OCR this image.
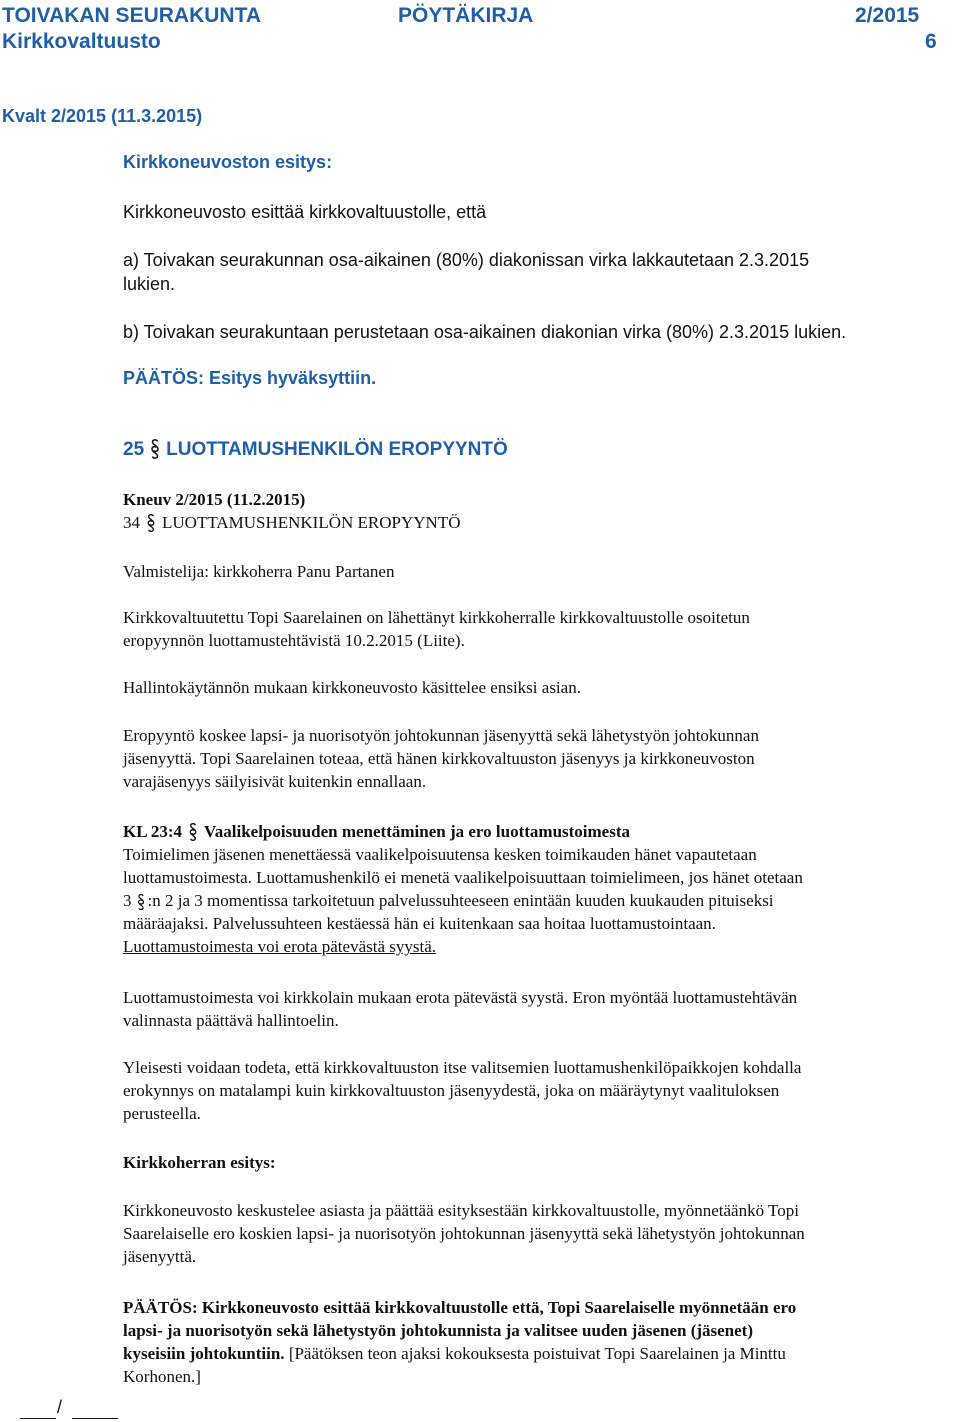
TOIVAKAN SEURAKUNTA	PÖYTÄKIRJA	2/2015
Kirkkovaltuusto	6
Kvalt 2/2015 (11.3.2015)
Kirkkoneuvoston esitys:
Kirkkoneuvosto esittää kirkkovaltuustolle, että
a) Toivakan seurakunnan osa-aikainen (80%) diakonissan virka lakkautetaan 2.3.2015
lukien.
b) Toivakan seurakuntaan perustetaan osa-aikainen diakonian virka (80%) 2.3.2015 lukien.
PÄÄTÖS: Esitys hyväksyttiin.
25 LUOTTAMUSHENKILÖN EROPYYNTÖ
Kneuv 2/2015 (11.2.2015)
34 LUOTTAMUSHENKILÖN EROPYYNTÖ
Valmistelija: kirkkoherra Panu Partanen
Kirkkovaltuutettu Topi Saarelainen on lähettänyt kirkkoherralle kirkkovaltuustolle osoitetun
eropyynnön luottamustehtävistä 10.2.2015 (Liite).
Hallintokäytännön mukaan kirkkoneuvosto käsittelee ensiksi asian.
Eropyyntö koskee lapsi- ja nuorisotyön johtokunnan jäsenyyttä sekä lähetystyön johtokunnan
jäsenyyttä. Topi Saarelainen toteaa, että hänen kirkkovaltuuston jäsenyys ja kirkkoneuvoston
varajäsenyys säilyisivät kuitenkin ennallaan.
KL 23:4 Vaalikelpoisuuden menettäminen ja ero luottamustoimesta
Toimielimen jäsenen menettäessä vaalikelpoisuutensa kesken toimikauden hänet vapautetaan
luottamustoimesta. Luottamushenkilö ei menetä vaalikelpoisuuttaan toimielimeen, jos hänet otetaan
3 :n 2 ja 3 momentissa tarkoitetuun palvelussuhteeseen enintään kuuden kuukauden pituiseksi
määräajaksi. Palvelussuhteen kestäessä hän ei kuitenkaan saa hoitaa luottamustointaan.
Luottamustoimesta voi erota pätevästä syystä.
Luottamustoimesta voi kirkkolain mukaan erota pätevästä syystä. Eron myöntää luottamustehtävän
valinnasta päättävä hallintoelin.
Yleisesti voidaan todeta, että kirkkovaltuuston itse valitsemien luottamushenkilöpaikkojen kohdalla
erokynnys on matalampi kuin kirkkovaltuuston jäsenyydestä, joka on määräytynyt vaalituloksen
perusteella.
Kirkkoherran esitys:
Kirkkoneuvosto keskustelee asiasta ja päättää esityksestään kirkkovaltuustolle, myönnetäänkö Topi
Saarelaiselle ero koskien lapsi- ja nuorisotyön johtokunnan jäsenyyttä sekä lähetystyön johtokunnan
jäsenyyttä.
PÄÄTÖS: Kirkkoneuvosto esittää kirkkovaltuustolle että, Topi Saarelaiselle myönnetään ero
lapsi- ja nuorisotyön sekä lähetystyön johtokunnista ja valitsee uuden jäsenen (jäsenet)
kyseisiin johtokuntiin. [Päätöksen teon ajaksi kokouksesta poistuivat Topi Saarelainen ja Minttu
Korhonen.]
/
